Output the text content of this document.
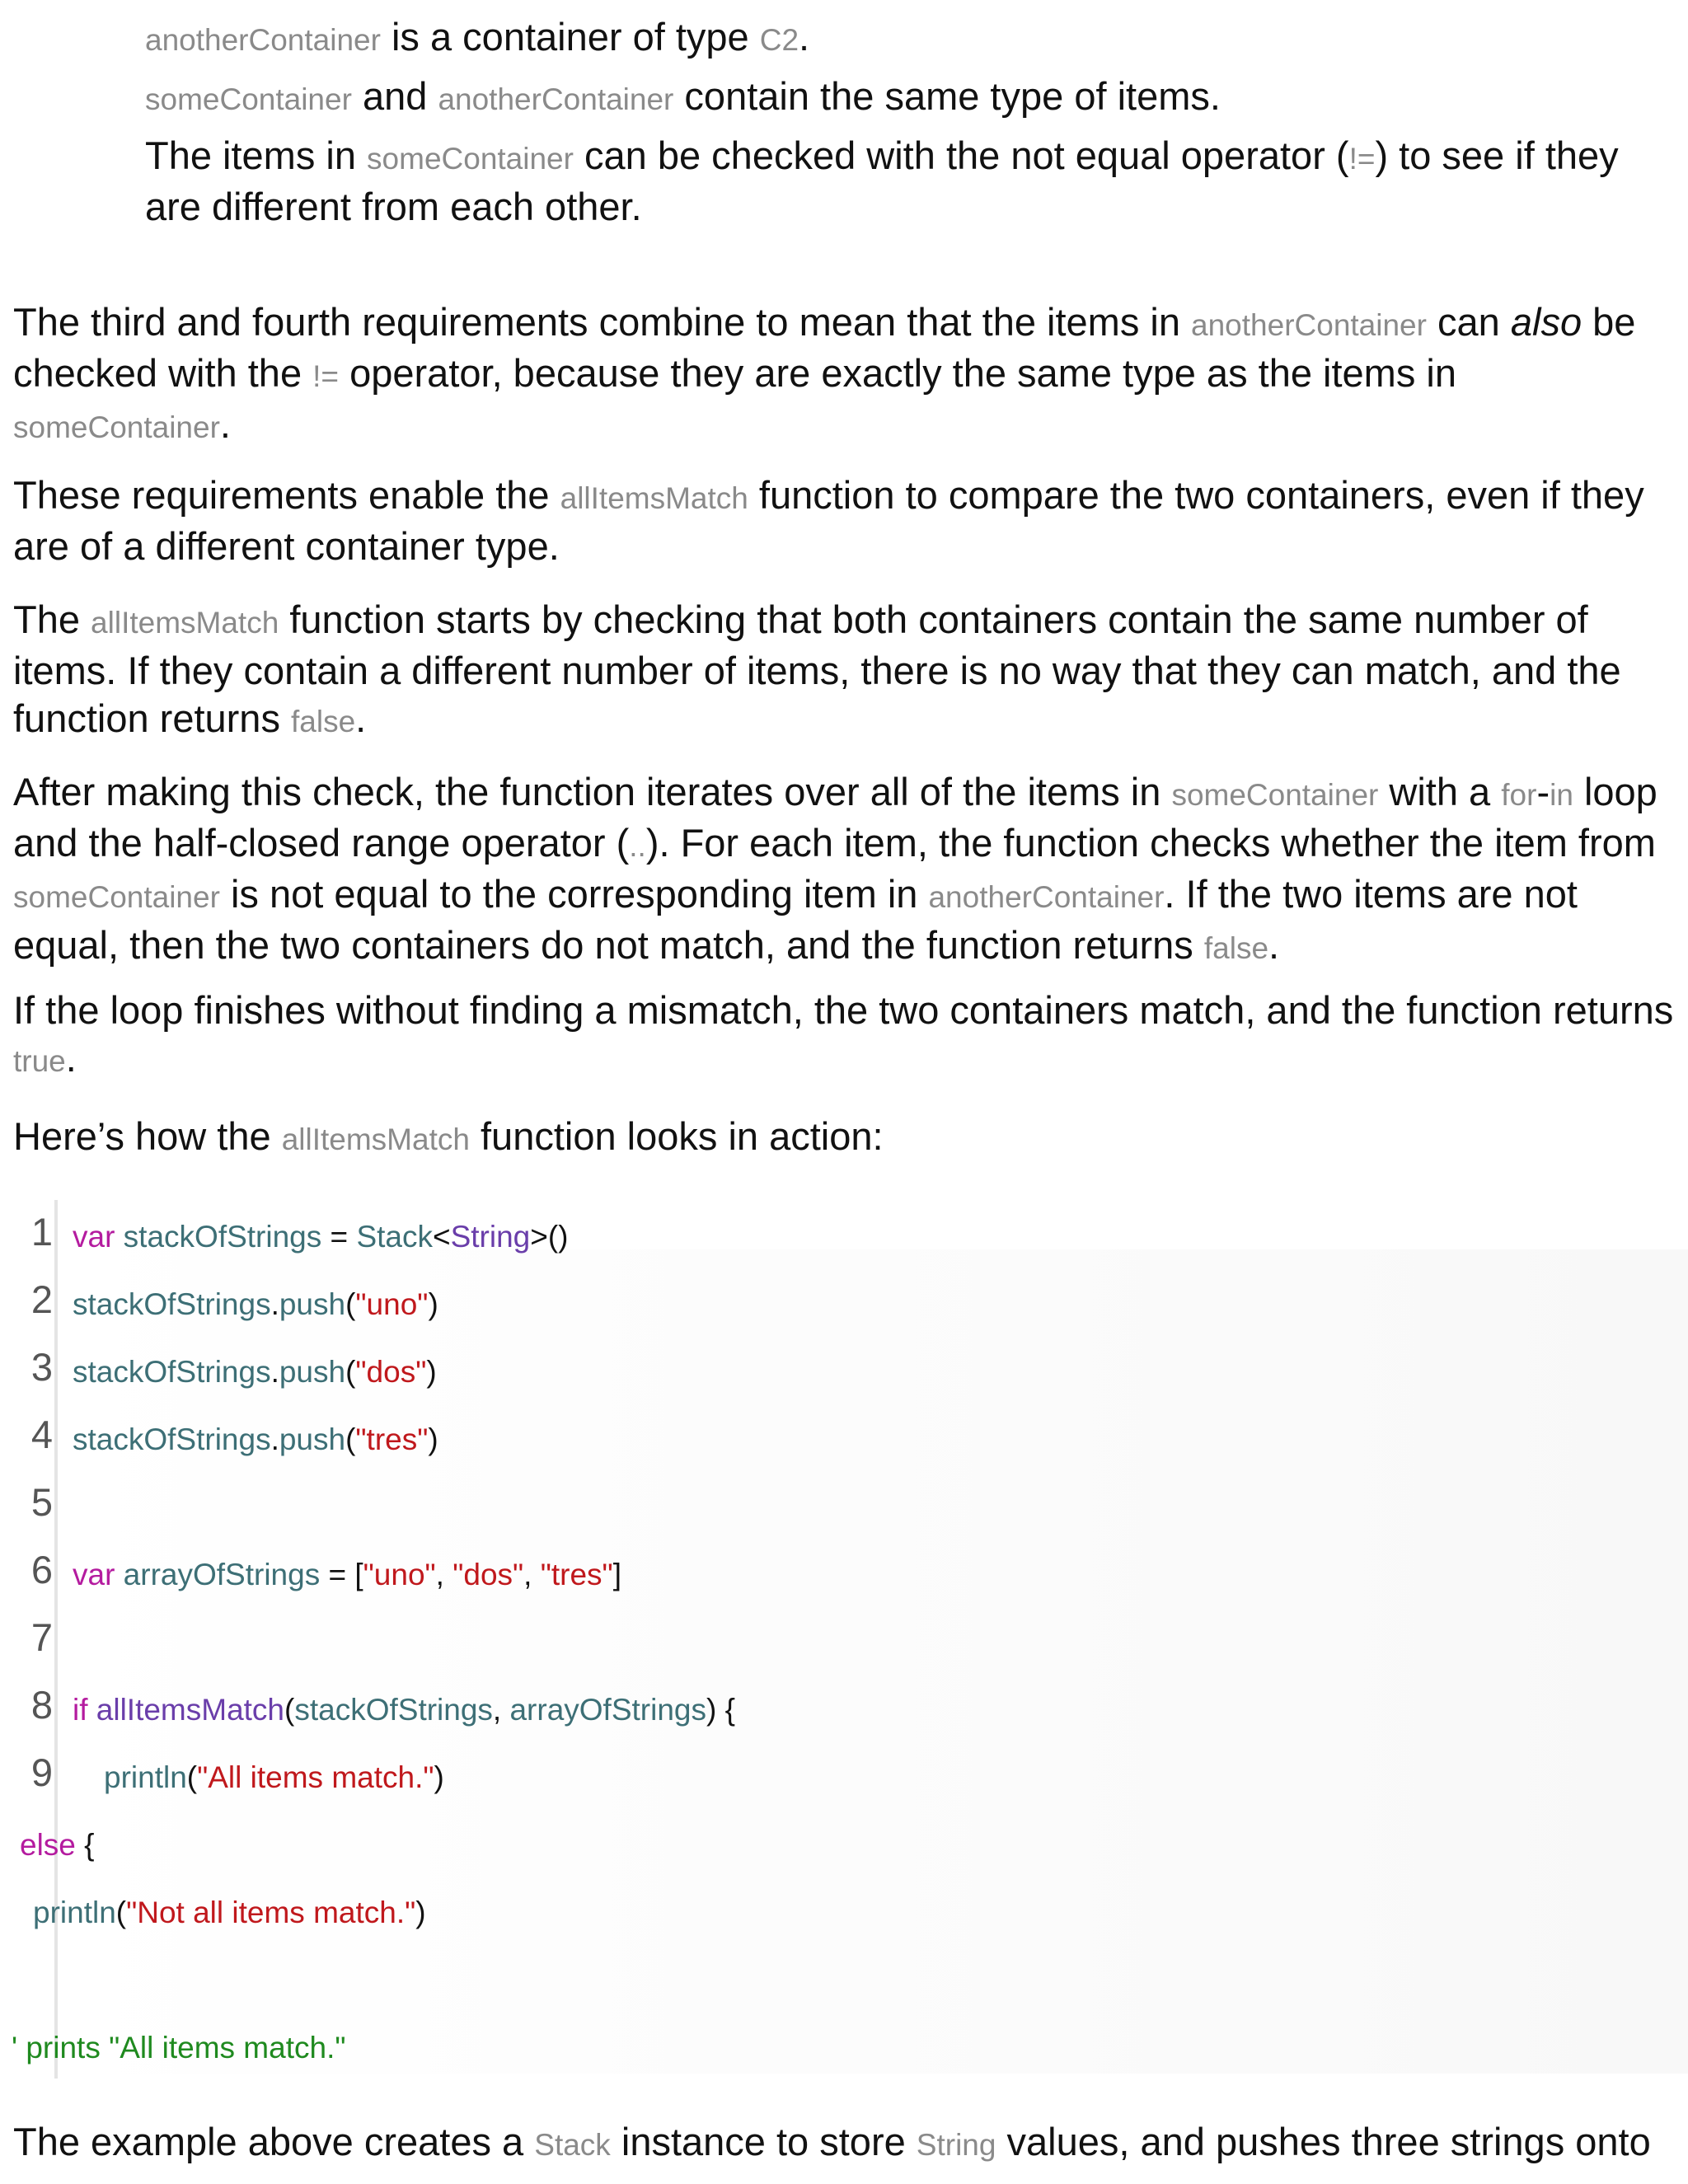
anotherContainer is a container of type C2.

someContainer and anotherContainer contain the same type of items.

The items in someContainer can be checked with the not equal operator (!=) to see if they are different from each other.

The third and fourth requirements combine to mean that the items in anotherContainer can also be checked with the != operator, because they are exactly the same type as the items in someContainer.

These requirements enable the allItemsMatch function to compare the two containers, even if they are of a different container type.

The allItemsMatch function starts by checking that both containers contain the same number of items. If they contain a different number of items, there is no way that they can match, and the function returns false.

After making this check, the function iterates over all of the items in someContainer with a for-in loop and the half-closed range operator (..). For each item, the function checks whether the item from someContainer is not equal to the corresponding item in anotherContainer. If the two items are not equal, then the two containers do not match, and the function returns false.

If the loop finishes without finding a mismatch, the two containers match, and the function returns true.

Here’s how the allItemsMatch function looks in action:

1
2
3
4
5
6
7
8
9
var stackOfStrings = Stack<String>()
stackOfStrings.push("uno")
stackOfStrings.push("dos")
stackOfStrings.push("tres")
var arrayOfStrings = ["uno", "dos", "tres"]
if allItemsMatch(stackOfStrings, arrayOfStrings) {
println("All items match.")
else {
println("Not all items match.")
' prints "All items match."

The example above creates a Stack instance to store String values, and pushes three strings onto
